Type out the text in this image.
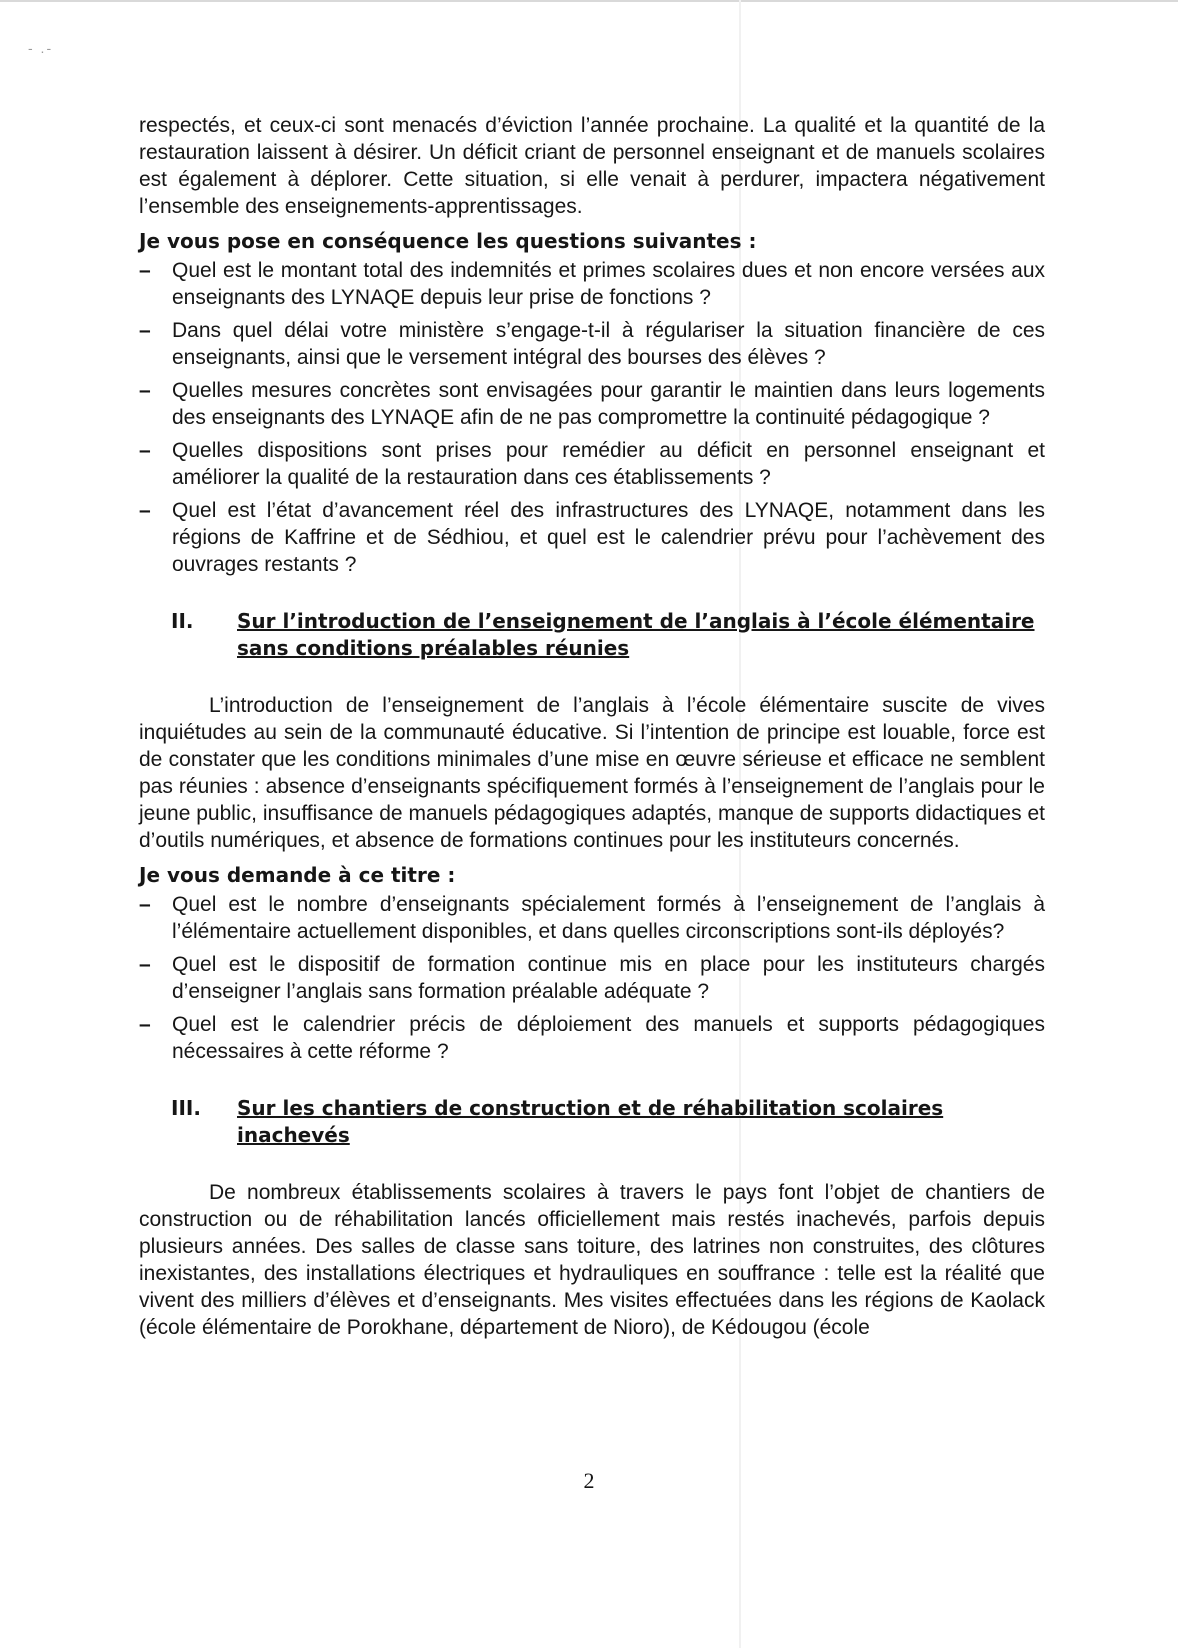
- .-

respectés, et ceux-ci sont menacés d’éviction l’année prochaine. La qualité et la quantité de la restauration laissent à désirer. Un déficit criant de personnel enseignant et de manuels scolaires est également à déplorer. Cette situation, si elle venait à perdurer, impactera négativement l’ensemble des enseignements-apprentissages.

Je vous pose en conséquence les questions suivantes :
– Quel est le montant total des indemnités et primes scolaires dues et non encore versées aux enseignants des LYNAQE depuis leur prise de fonctions ?
– Dans quel délai votre ministère s’engage-t-il à régulariser la situation financière de ces enseignants, ainsi que le versement intégral des bourses des élèves ?
– Quelles mesures concrètes sont envisagées pour garantir le maintien dans leurs logements des enseignants des LYNAQE afin de ne pas compromettre la continuité pédagogique ?
– Quelles dispositions sont prises pour remédier au déficit en personnel enseignant et améliorer la qualité de la restauration dans ces établissements ?
– Quel est l’état d’avancement réel des infrastructures des LYNAQE, notamment dans les régions de Kaffrine et de Sédhiou, et quel est le calendrier prévu pour l’achèvement des ouvrages restants ?
II.	Sur l’introduction de l’enseignement de l’anglais à l’école élémentaire sans conditions préalables réunies

L’introduction de l’enseignement de l’anglais à l’école élémentaire suscite de vives inquiétudes au sein de la communauté éducative. Si l’intention de principe est louable, force est de constater que les conditions minimales d’une mise en œuvre sérieuse et efficace ne semblent pas réunies : absence d’enseignants spécifiquement formés à l’enseignement de l’anglais pour le jeune public, insuffisance de manuels pédagogiques adaptés, manque de supports didactiques et d’outils numériques, et absence de formations continues pour les instituteurs concernés.

Je vous demande à ce titre :
– Quel est le nombre d’enseignants spécialement formés à l’enseignement de l’anglais à l’élémentaire actuellement disponibles, et dans quelles circonscriptions sont-ils déployés?
– Quel est le dispositif de formation continue mis en place pour les instituteurs chargés d’enseigner l’anglais sans formation préalable adéquate ?
– Quel est le calendrier précis de déploiement des manuels et supports pédagogiques nécessaires à cette réforme ?
III.	Sur les chantiers de construction et de réhabilitation scolaires inachevés

De nombreux établissements scolaires à travers le pays font l’objet de chantiers de construction ou de réhabilitation lancés officiellement mais restés inachevés, parfois depuis plusieurs années. Des salles de classe sans toiture, des latrines non construites, des clôtures inexistantes, des installations électriques et hydrauliques en souffrance : telle est la réalité que vivent des milliers d’élèves et d’enseignants. Mes visites effectuées dans les régions de Kaolack (école élémentaire de Porokhane, département de Nioro), de Kédougou (école

2
